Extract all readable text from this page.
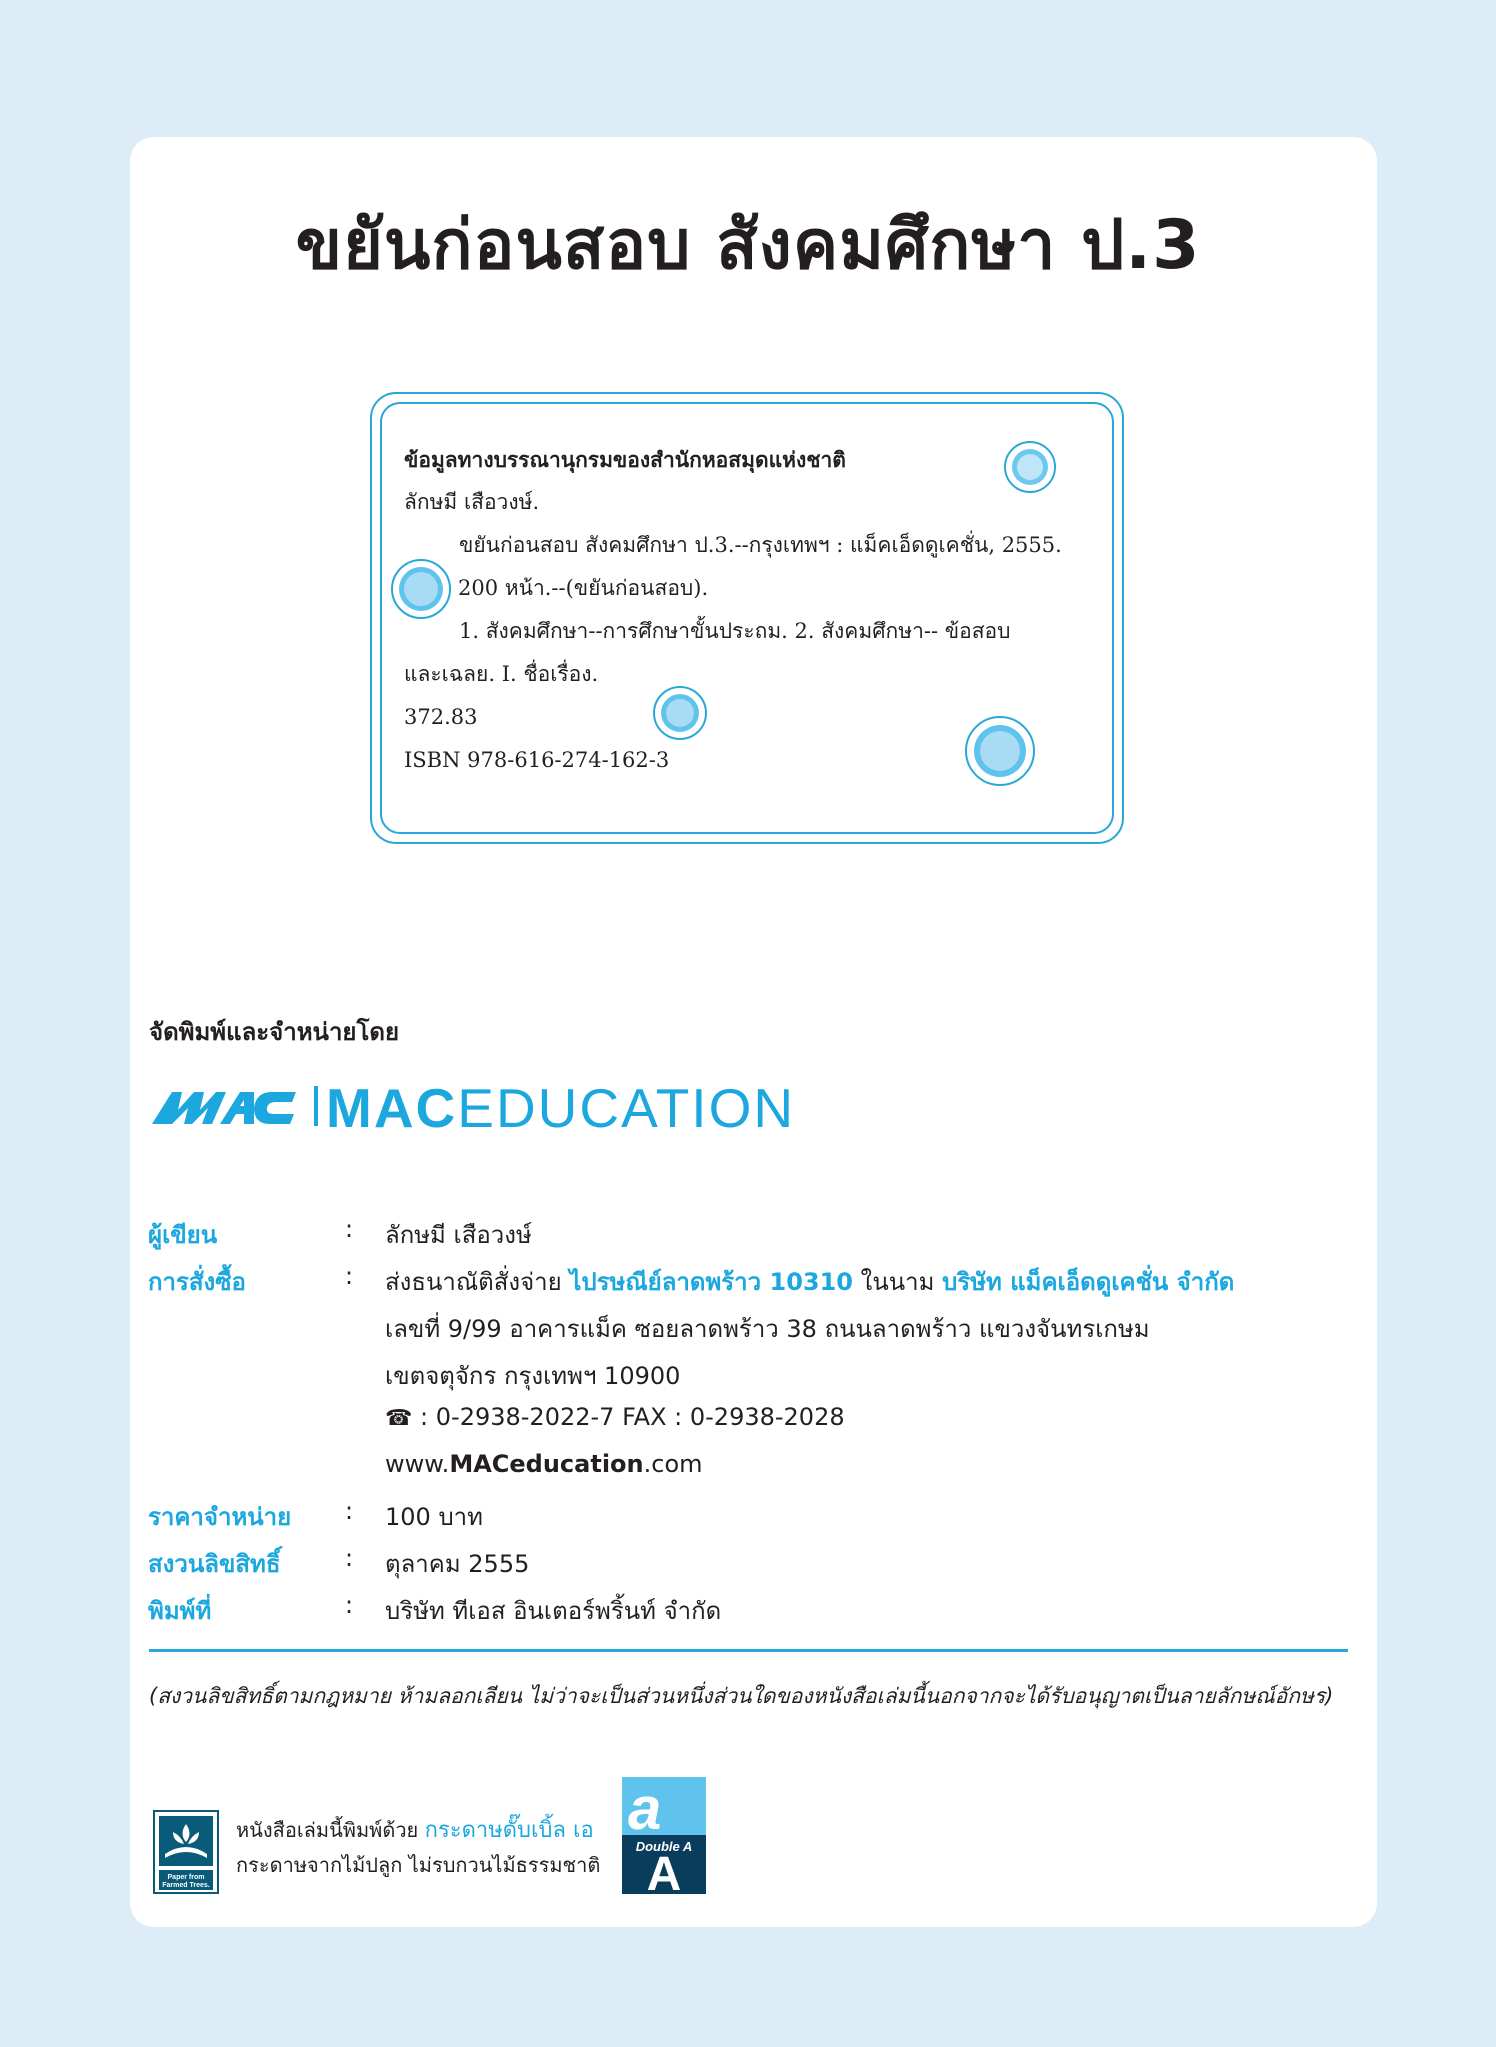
ขยันก่อนสอบ สังคมศึกษา ป.3
ข้อมูลทางบรรณานุกรมของสำนักหอสมุดแห่งชาติ
ลักษมี เสือวงษ์.
ขยันก่อนสอบ สังคมศึกษา ป.3.--กรุงเทพฯ : แม็คเอ็ดดูเคชั่น, 2555.
200 หน้า.--(ขยันก่อนสอบ).
1. สังคมศึกษา--การศึกษาขั้นประถม. 2. สังคมศึกษา-- ข้อสอบ
และเฉลย. I. ชื่อเรื่อง.
372.83
ISBN 978-616-274-162-3
จัดพิมพ์และจำหน่ายโดย
MACEDUCATION
ผู้เขียน	: ลักษมี เสือวงษ์
การสั่งซื้อ	: ส่งธนาณัติสั่งจ่าย ไปรษณีย์ลาดพร้าว 10310 ในนาม บริษัท แม็คเอ็ดดูเคชั่น จำกัด
เลขที่ 9/99 อาคารแม็ค ซอยลาดพร้าว 38 ถนนลาดพร้าว แขวงจันทรเกษม
เขตจตุจักร กรุงเทพฯ 10900
☎ : 0-2938-2022-7 FAX : 0-2938-2028
www.MACeducation.com
ราคาจำหน่าย : 100 บาท
สงวนลิขสิทธิ์	: ตุลาคม 2555
พิมพ์ที่	: บริษัท ทีเอส อินเตอร์พริ้นท์ จำกัด
(สงวนลิขสิทธิ์ตามกฎหมาย ห้ามลอกเลียน ไม่ว่าจะเป็นส่วนหนึ่งส่วนใดของหนังสือเล่มนี้นอกจากจะได้รับอนุญาตเป็นลายลักษณ์อักษร)
Paper from
Farmed Trees.
หนังสือเล่มนี้พิมพ์ด้วย กระดาษดั๊บเบิ้ล เอ
กระดาษจากไม้ปลูก ไม่รบกวนไม้ธรรมชาติ
a
Double A
A
